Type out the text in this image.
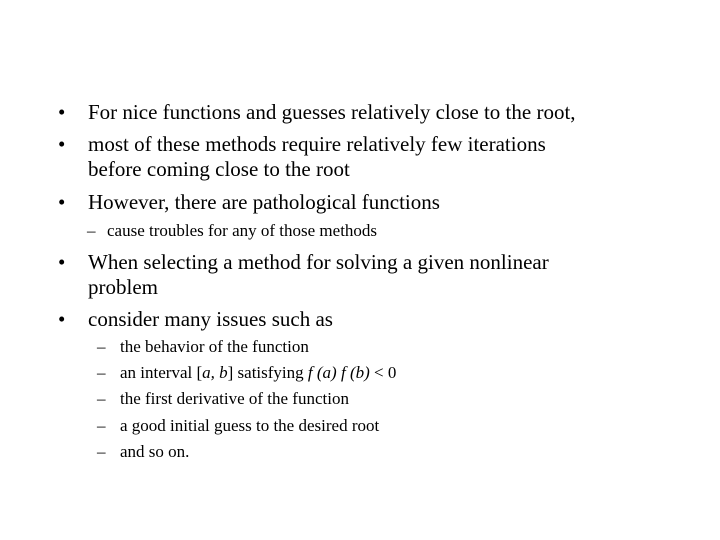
•	For nice functions and guesses relatively close to the root,
•	most of these methods require relatively few iterations
before coming close to the root
•	However, there are pathological functions
– cause troubles for any of those methods
•	When selecting a method for solving a given nonlinear
problem
•	consider many issues such as
– the behavior of the function
– an interval [a, b] satisfying f (a) f (b) < 0
– the first derivative of the function
– a good initial guess to the desired root
– and so on.
